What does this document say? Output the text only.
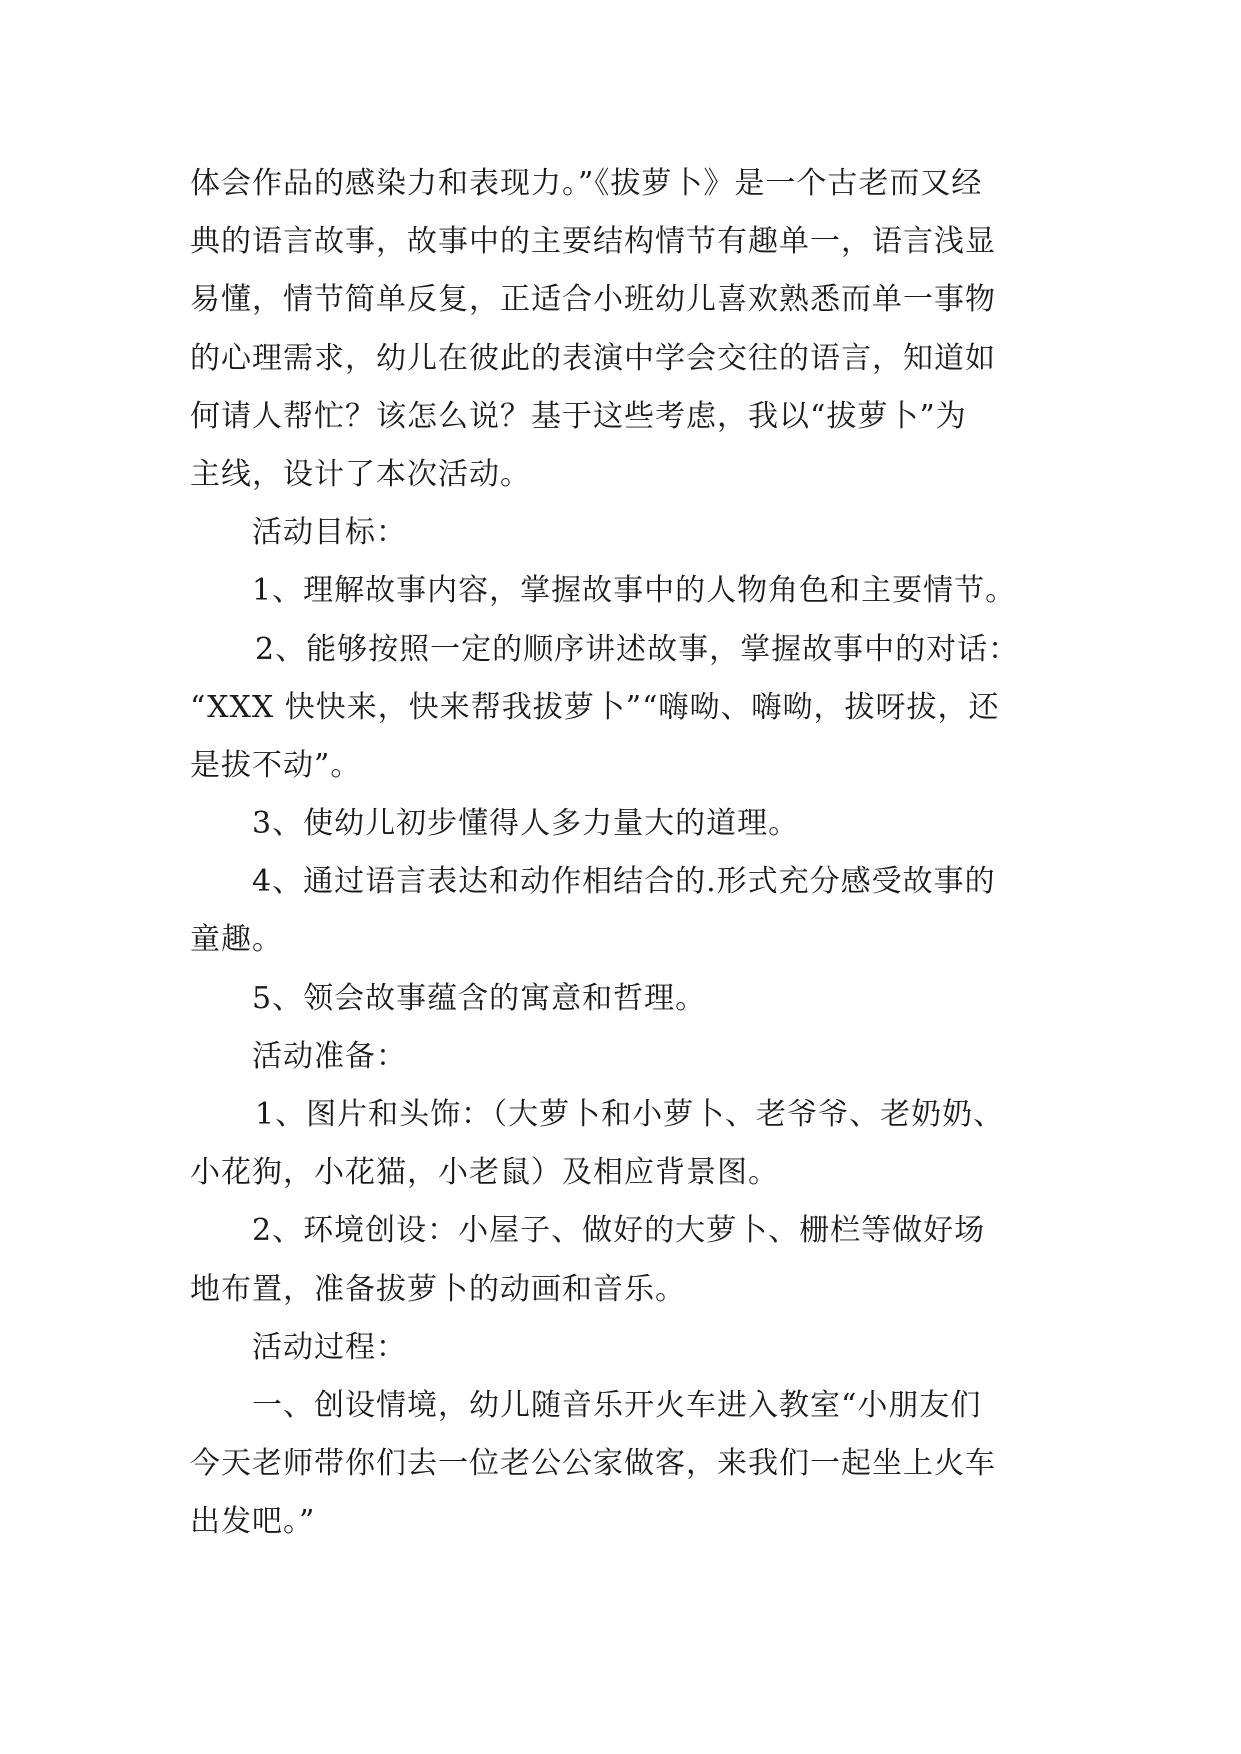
体会作品的感染力和表现力。”《拔萝卜》是一个古老而又经
典的语言故事，故事中的主要结构情节有趣单一，语言浅显
易懂，情节简单反复，正适合小班幼儿喜欢熟悉而单一事物
的心理需求，幼儿在彼此的表演中学会交往的语言，知道如
何请人帮忙？该怎么说？基于这些考虑，我以“拔萝卜”为
主线，设计了本次活动。
活动目标：
1、理解故事内容，掌握故事中的人物角色和主要情节。
2、能够按照一定的顺序讲述故事，掌握故事中的对话：
“XXX 快快来，快来帮我拔萝卜”“嗨呦、嗨呦，拔呀拔，还
是拔不动”。
3、使幼儿初步懂得人多力量大的道理。
4、通过语言表达和动作相结合的.形式充分感受故事的
童趣。
5、领会故事蕴含的寓意和哲理。
活动准备：
1、图片和头饰：（大萝卜和小萝卜、老爷爷、老奶奶、
小花狗，小花猫，小老鼠）及相应背景图。
2、环境创设：小屋子、做好的大萝卜、栅栏等做好场
地布置，准备拔萝卜的动画和音乐。
活动过程：
一、创设情境，幼儿随音乐开火车进入教室“小朋友们
今天老师带你们去一位老公公家做客，来我们一起坐上火车
出发吧。”
